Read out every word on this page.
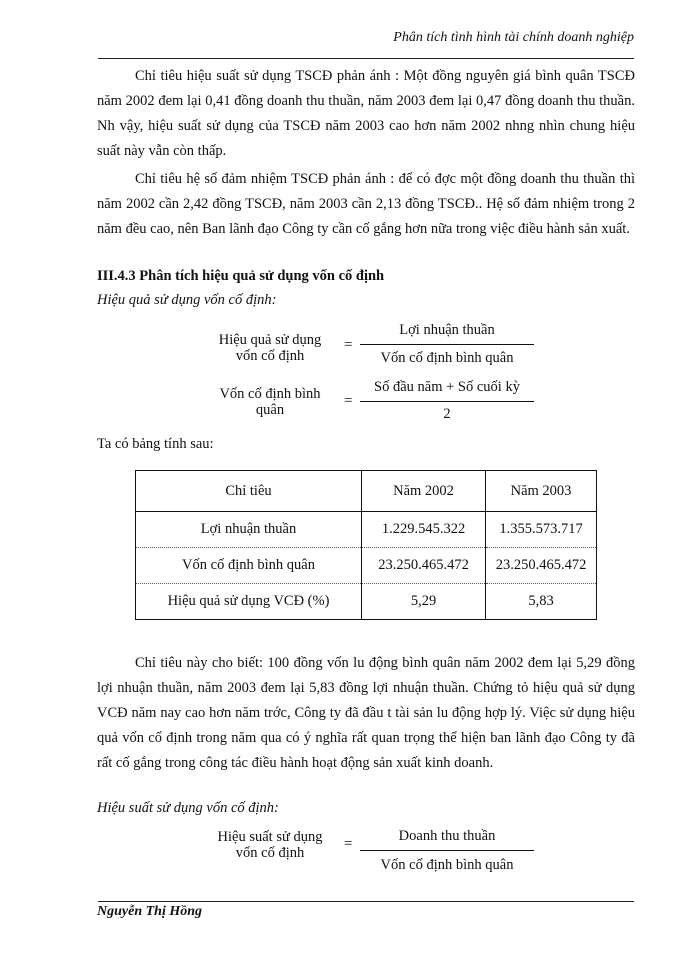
Phân tích tình hình tài chính doanh nghiệp

Chỉ tiêu hiệu suất sử dụng TSCĐ phản ánh : Một đồng nguyên giá bình quân TSCĐ năm 2002 đem lại 0,41 đồng doanh thu thuần, năm 2003 đem lại 0,47 đồng doanh thu thuần. Nh vậy, hiệu suất sử dụng của TSCĐ năm 2003 cao hơn năm 2002 nhng nhìn chung hiệu suất này vẫn còn thấp.

Chỉ tiêu hệ số đảm nhiệm TSCĐ phản ánh : để có đợc một đồng doanh thu thuần thì năm 2002 cần 2,42 đồng TSCĐ, năm 2003 cần 2,13 đồng TSCĐ.. Hệ số đảm nhiệm trong 2 năm đều cao, nên Ban lãnh đạo Công ty cần cố gắng hơn nữa trong việc điều hành sản xuất.

III.4.3 Phân tích hiệu quả sử dụng vốn cố định
Hiệu quả sử dụng vốn cố định:
Hiệu quả sử dụng
vốn cố định
=
Lợi nhuận thuần
Vốn cố định bình quân
Vốn cố định bình
quân
=
Số đầu năm + Số cuối kỳ
2
Ta có bảng tính sau:
Chỉ tiêu	Năm 2002	Năm 2003
Lợi nhuận thuần	1.229.545.322	1.355.573.717
Vốn cố định bình quân	23.250.465.472	23.250.465.472
Hiệu quả sử dụng VCĐ (%)	5,29	5,83

Chỉ tiêu này cho biết: 100 đồng vốn lu động bình quân năm 2002 đem lại 5,29 đồng lợi nhuận thuần, năm 2003 đem lại 5,83 đồng lợi nhuận thuần. Chứng tỏ hiệu quả sử dụng VCĐ năm nay cao hơn năm trớc, Công ty đã đầu t tài sản lu động hợp lý. Việc sử dụng hiệu quả vốn cố định trong năm qua có ý nghĩa rất quan trọng thể hiện ban lãnh đạo Công ty đã rất cố gắng trong công tác điều hành hoạt động sản xuất kinh doanh.

Hiệu suất sử dụng vốn cố định:
Hiệu suất sử dụng
vốn cố định
=	Doanh thu thuần
Vốn cố định bình quân
Nguyễn Thị Hồng
